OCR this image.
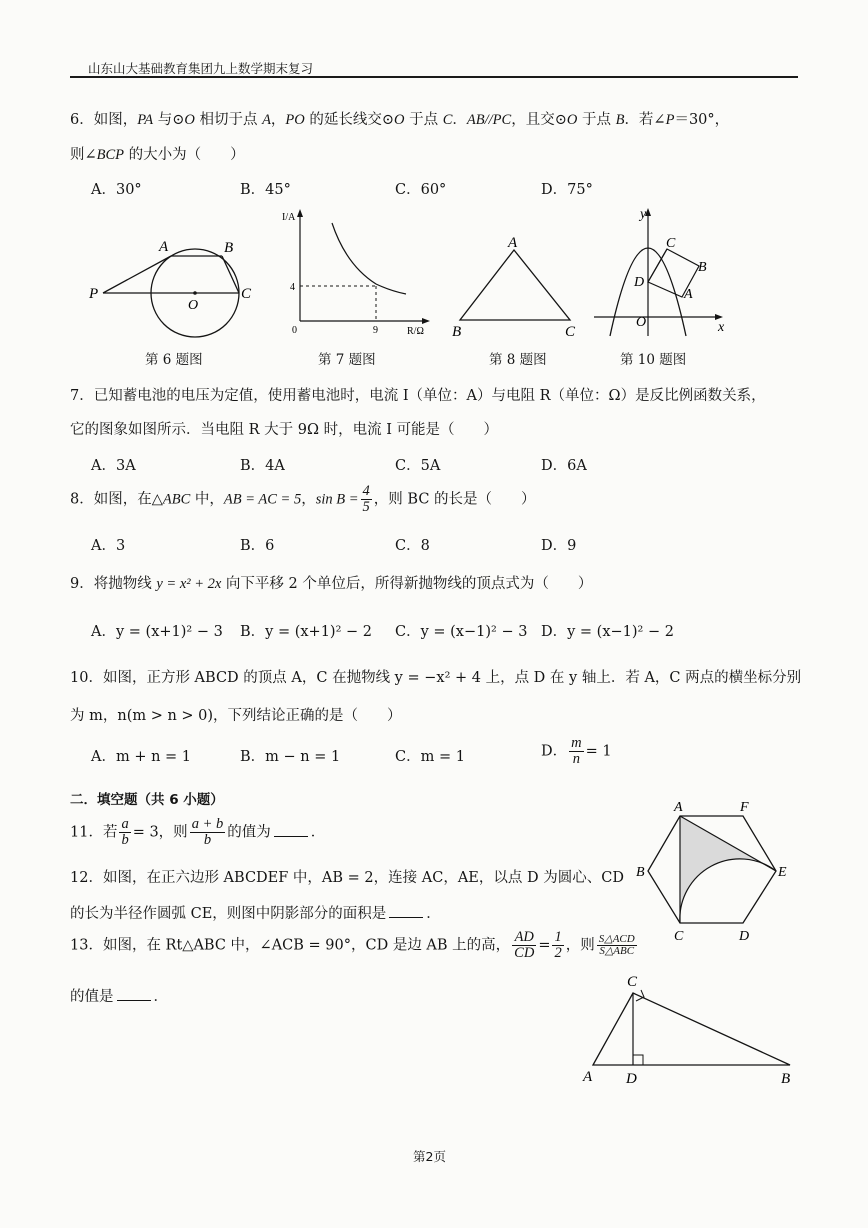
山东山大基础教育集团九上数学期末复习
6．如图，PA 与⊙O 相切于点 A，PO 的延长线交⊙O 于点 C．AB//PC，且交⊙O 于点 B．若∠P＝30°，
则∠BCP 的大小为（　　）
A．30°	B．45°	C．60°	D．75°
A	B
P
O
C
第 6 题图
I/A
R/Ω
4
9
0
第 7 题图
A
B	C
第 8 题图
y
x
C
B
D
A
O
第 10 题图
7．已知蓄电池的电压为定值，使用蓄电池时，电流 I（单位：A）与电阻 R（单位：Ω）是反比例函数关系，
它的图象如图所示．当电阻 R 大于 9Ω 时，电流 I 可能是（　　）
A．3A	B．4A	C．5A	D．6A
8．如图，在△ABC 中，AB = AC = 5，$\sin B = \frac{4}{5}$ ，则 BC 的长是（　　）
A．3	B．6	C．8	D．9
9．将抛物线 y = x² + 2x 向下平移 2 个单位后，所得新抛物线的顶点式为（　　）
A．y = (x+1)² − 3 B．y = (x+1)² − 2 C．y = (x−1)² − 3 D．y = (x−1)² − 2
10．如图，正方形 ABCD 的顶点 A，C 在抛物线 y = −x² + 4 上，点 D 在 y 轴上．若 A，C 两点的横坐标分别
为 m，n(m > n > 0)，下列结论正确的是（　　）
A．m + n = 1	B．m − n = 1	C．m = 1	D． $\frac{m}{n} = 1$
二．填空题（共 6 小题）
11．若 $\frac{a}{b} = 3$，则 $\frac{a + b}{b}$ 的值为	．
12．如图，在正六边形 ABCDEF 中，AB = 2，连接 AC，AE，以点 D 为圆心、CD
的长为半径作圆弧 CE，则图中阴影部分的面积是	．
A	F
B	E
C	D
13．如图，在 Rt△ABC 中，∠ACB = 90°，CD 是边 AB 上的高， $\frac{AD}{CD} = \frac{1}{2}$ ，则 $\frac{\text{S△ACD}}{\text{S△ABC}}$
的值是	．
C
A D	B
第2页
